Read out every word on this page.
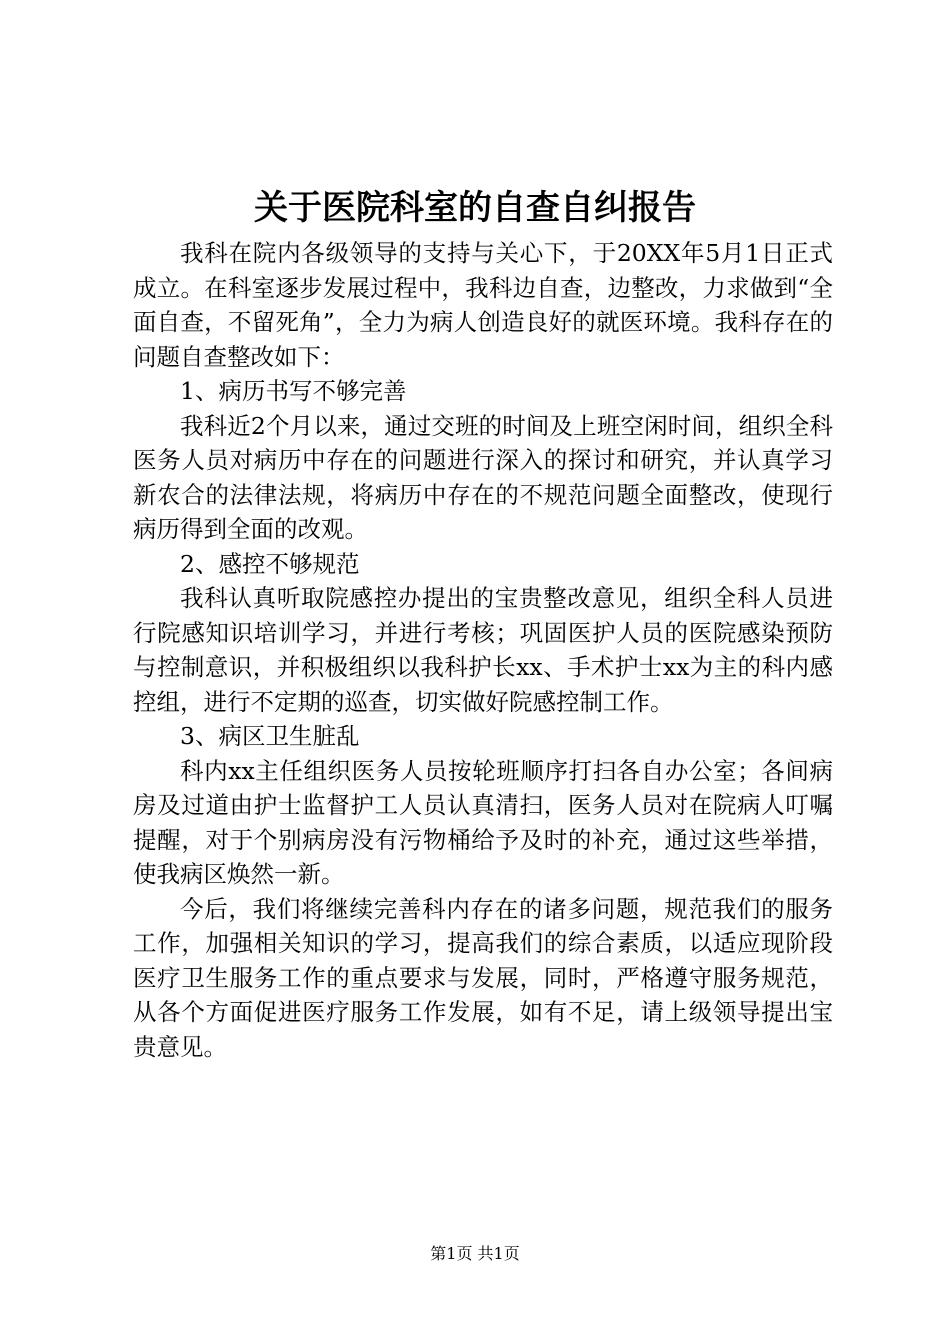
关于医院科室的自查自纠报告

我科在院内各级领导的支持与关心下，于20XX年5月1日正式成立。在科室逐步发展过程中，我科边自查，边整改，力求做到“全面自查，不留死角”，全力为病人创造良好的就医环境。我科存在的问题自查整改如下：

1、病历书写不够完善

我科近2个月以来，通过交班的时间及上班空闲时间，组织全科医务人员对病历中存在的问题进行深入的探讨和研究，并认真学习新农合的法律法规，将病历中存在的不规范问题全面整改，使现行病历得到全面的改观。

2、感控不够规范

我科认真听取院感控办提出的宝贵整改意见，组织全科人员进行院感知识培训学习，并进行考核；巩固医护人员的医院感染预防与控制意识，并积极组织以我科护长xx、手术护士xx为主的科内感控组，进行不定期的巡查，切实做好院感控制工作。

3、病区卫生脏乱

科内xx主任组织医务人员按轮班顺序打扫各自办公室；各间病房及过道由护士监督护工人员认真清扫，医务人员对在院病人叮嘱提醒，对于个别病房没有污物桶给予及时的补充，通过这些举措，使我病区焕然一新。

今后，我们将继续完善科内存在的诸多问题，规范我们的服务工作，加强相关知识的学习，提高我们的综合素质，以适应现阶段医疗卫生服务工作的重点要求与发展，同时，严格遵守服务规范，从各个方面促进医疗服务工作发展，如有不足，请上级领导提出宝贵意见。

第1页 共1页
